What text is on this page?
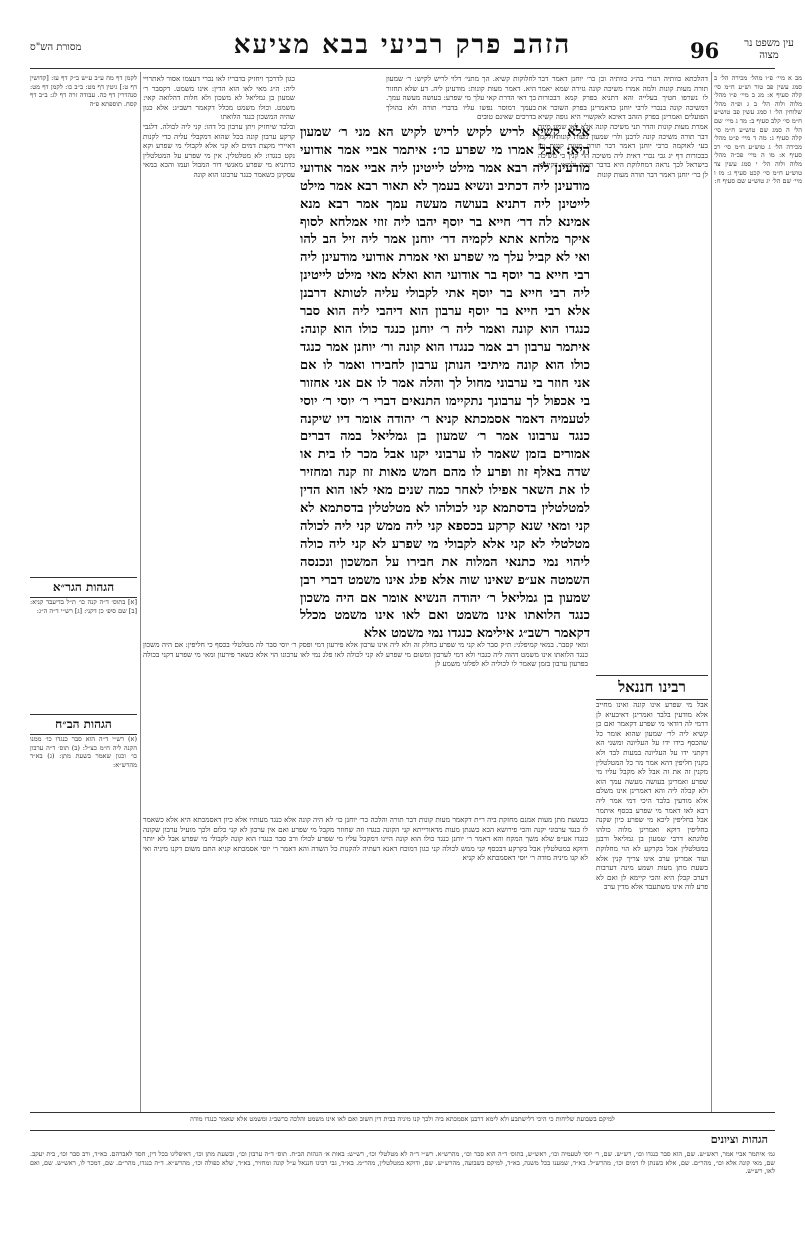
96
הזהב פרק רביעי בבא מציעא	עין משפט נר מצוה
מסורת הש"ס

מב א מיי׳ פ״ו מהל׳ מכירה הל׳ ב סמג עשין פב טור וש״ע ח״מ סי׳ קלה סעיף א: מג ב מיי׳ פ״ו מהל׳ מלוה ולוה הל׳ ב ג ופ״ה מהל׳ שלוחין הל׳ ו סמג עשין פב טוש״ע ח״מ סי׳ קלב סעיף ב: מד ג מיי׳ שם הל׳ ה סמג שם טוש״ע ח״מ סי׳ קלה סעיף ג: מה ד מיי׳ פ״ט מהל׳ מכירה הל׳ ג טוש״ע ח״מ סי׳ רכ סעיף א: מו ה מיי׳ פכ״ה מהל׳ מלוה ולוה הל׳ י סמג עשין צד טוש״ע ח״מ סי׳ קכט סעיף ג: מז ו מיי׳ שם הל׳ יג טוש״ע שם סעיף ח:

דהלכתא כוותיה דגזרי בה״ג כוותיה וכן כר׳ יוחנן דאמר דבר תורה מעות קונות ולמה אמרו משיכה קונה גזירה שמא יאמר לו נשרפו חטיך בעלייה והא דתניא בפרק קמא דבכורות דמשיכה קונה בנכרי לרבי יוחנן כדאמרינן בפרק השוכר את הפועלים ואמרינן בפרק הזהב דאיכא לאקשויי היא גופה קשיא אמרת מעות קונות והדר תני משיכה קונה אלא לאו שמע מינה דבר תורה משיכה קונה לרבנן ולר׳ שמעון מעות קונות ולקמן בעי לאוקמה כרבי יוחנן דאמר דבר תורה מעות קונות וכן בבכורות דף יג גבי נכרי דאית ליה משיכה הוי קנין כי משיכה בישראל לכך נראה דמחלוקת היא בדבר תורה ולמאי דקיימא לן כר׳ יוחנן דאמר דבר תורה מעות קונות

רבינו חננאל

אבל מי שפרע אינו קונה ואינו מחייב אלא מודעין בלבד ואמרינן דאיבעיא לן דדמי לה דודאי מי שפרע דקאמר ואם כן קשיא ליה לר׳ שמעון שהוא אומר כל שהכסף בידו ידו על העליונה ומשני הא דקתני ידו על העליונה במעות לבד ולא בקנין חליפין דהא אמר מר כל המטלטלין מקנין זה את זה אבל לא מקבל עליו מי שפרע ואמרינן בעושה מעשה עמך הוא ולא קבלה ליה והא דאמרינן אינו משלם אלא מודעין בלבד היכי דמי אמר ליה רבא לאו דאמר מי שפרע בכסף איתמר אבל בחליפין ליכא מי שפרע כיון שקנה בחליפין דוקא ואמרינן מלוה כולהו פלוגתא דרבי שמעון בן גמליאל ורבנן במטלטלין אבל בקרקע לא הוי מחלוקת ועוד אמרינן ערב אינו צריך קנין אלא בשעת מתן מעות ושמע מינה דערבות דערב קבלן היא והכי קיימא לן ואם לא פרע לוה אינו משתעבד אלא מדין ערב

לחלוקות קשיא. הך מתני׳ דלוי לריש לקיש: ר׳ שמעון היא. דאמר מעות קונות: מודעינן ליה. דע שלא תחזור בך דאי הדרת קאי עלך מי שפרע: בעושה מעשה עמך. בעמך דמוסר נפשו עליו בדברי תורה ולא בהולך בדרכים שאינם טובים

אלא קשיא לריש לקיש לריש לקיש הא מני ר׳ שמעון היא: אבל אמרו מי שפרע כו׳: איתמר אביי אמר אודועי מודעינן ליה רבא אמר מילט לייטינן ליה אביי אמר אודועי מודעינן ליה דכתיב ונשיא בעמך לא תאור רבא אמר מילט לייטינן ליה דתניא בעושה מעשה עמך אמר רבא מנא אמינא לה דר׳ חייא בר יוסף יהבו ליה זוזי אמלחא לסוף איקר מלחא אתא לקמיה דר׳ יוחנן אמר ליה זיל הב להו ואי לא קביל עלך מי שפרע ואי אמרת אודועי מודעינן ליה רבי חייא בר יוסף בר אודועי הוא ואלא מאי מילט לייטינן ליה רבי חייא בר יוסף אתי לקבולי עליה לטותא דרבנן אלא רבי חייא בר יוסף ערבון הוא דיהבי ליה הוא סבר כנגדו הוא קונה ואמר ליה ר׳ יוחנן כנגד כולו הוא קונה: איתמר ערבון רב אמר כנגדו הוא קונה ור׳ יוחנן אמר כנגד כולו הוא קונה מיתיבי הנותן ערבון לחבירו ואמר לו אם אני חוזר בי ערבוני מחול לך והלה אמר לו אם אני אחזור בי אכפול לך ערבונך נתקיימו התנאים דברי ר׳ יוסי ר׳ יוסי לטעמיה דאמר אסמכתא קניא ר׳ יהודה אומר דיו שיקנה כנגד ערבונו אמר ר׳ שמעון בן גמליאל במה דברים אמורים בזמן שאמר לו ערבוני יקנו אבל מכר לו בית או שדה באלף זוז ופרע לו מהם חמש מאות זוז קנה ומחזיר לו את השאר אפילו לאחר כמה שנים מאי לאו הוא הדין למטלטלין בדסתמא קני לכולהו לא מטלטלין בדסתמא לא קני ומאי שנא קרקע בכספא קני ליה ממש קני ליה לכולה מטלטלי לא קני אלא לקבולי מי שפרע לא קני ליה כולה ליהוי נמי כתנאי המלוה את חבירו על המשכון ונכנסה השמטה אע״פ שאינו שוה אלא פלג אינו משמט דברי רבן שמעון בן גמליאל ר׳ יהודה הנשיא אומר אם היה משכון כנגד הלואתו אינו משמט ואם לאו אינו משמט מכלל דקאמר רשב״ג אילימא כנגדו נמי משמט אלא

כגון לדרכך ויחזיק בדבריו לאו נכרי דעצמו אסור לאתרויי ליה: ה״ג מאי לאו הוא הדין: אינו משמט. דקסבר ר׳ שמעון בן גמליאל לא משכון ולא חלות דהלואה קאי: משמט. וכולו משמט מכלל דקאמר רשב״ג: אלא כגון שהיה המשכון כנגד הלואתו

ובלבד שיחזיק ויתן ערבון כל דהו: קני ליה לכולה. דלגבי קרקע ערבון קונה בכל שהוא דמקבלי עליה כדי לקנות דאיירי מקצת דמים לא קני אלא לקבולי מי שפרע וקא נקט כנגדו: לא מטלטלין. אין מי שפרע על המטלטלין כדתניא מי שפרע מאנשי דור המבול ועמו והכא במאי עסקינן כשאמר כנגד ערבונו הוא קונה

ומאי קסבר. במאי קמיפלגי: ת״ק סבר לא קני מי שפרע בחלק זה ולא ליה אינו ערבון אלא פירעון דמי ופסק ר׳ יוסי סבר לה מטלטלי בכסף כי חליפין: אם היה משכון כנגד הלואתו אינו משמט דהוה ליה כגבוי ולא דמי לערבון ומשום מי שפרע לא קני לכולה לאו פלג נמי לאו ערבונו הוי אלא כשאר פירעון ומאי מי שפרע דקני בכולה בפרעון ערבון בזמן שאמר לו לכוליה לא לפלוגי משמע לן

לקמן דף מח ע״ב ע״ש ב״ק דף עז: [קדושין דף ט:] גיטין דף מט: ב״ב כו: לקמן דף מט: סנהדרין דף כה. עבודה זרה דף לג: ב״ב דף קסח. תוספתא פ״ה

הגהות הגר״א

[א] בתוס׳ ד״ה קנה כו׳ ת״ל בדיעבד קניא: [ב] שם סיפ׳ כן דקני: [ג] רש״י ד״ה ה״ג:

הגהות הב״ח

(א) רש״י ד״ה הוא סבר כנגדו כו׳ ממנו הקנה ליה ח״מ כצ״ל: (ב) תוס׳ ד״ה ערבון כו׳ וכגון שאמר בשעת מתן: (ג) בא״ד מהרש״א:

כבשעת מתן מעות אמנם מחזקת ביה ר״ת דקאמר מעות קונות דבר תורה והלכה כר׳ יוחנן כו׳ לא היה קונה אלא כנגד מעותיו אלא כיון דאסמכתא היא אלא כשאמר לו כנגד ערבוני יקנה והכי פירושא הכא כשנתן מעות מדאורייתא קני הקונה כנגדו וזה שחוזר מקבל מי שפרע ואם אין ערבון לא קני כלום ולכך מועיל ערבון שקונה כנגדו אע״פ שלא משך המקח והא דאמר ר׳ יוחנן כנגד כולו הוא קונה היינו דמקבל עליו מי שפרע לכולו ורב סבר כנגדו הוא קונה לקבולי מי שפרע אבל לא יותר ודוקא במטלטלין אבל בקרקע דבכסף קני ממש לכולה קני כגון דמוכח דאנא דעתיה להקנות כל השדה והא דאמר ר׳ יוסי אסמכתא קניא התם משום דקנו מיניה ואי לא קנו מיניה מודה ר׳ יוסי דאסמכתא לא קניא

למיקם בשבועת שליחות כי היכי דלישתבע ולא לימא דרבנן אסמכתא ביה ולכך קנו מיניה בבית דין חשוב ואם לאו אינו משמט והלכה כרשב״ג ומשמט אלא שאמר כנגדו מודה
הגהות וציונים

גמ׳ איתמר אביי אמר, ראש״ש. שם, הוא סבר כנגדו וכו׳, רש״ש. שם, ר׳ יוסי לטעמיה וכו׳, ראש״ש, בתוס׳ ד״ה הוא סבר וכו׳, מהרש״א. רש״י ד״ה לא מטלטלי וכו׳, רש״ש: באות א׳ הגהות הב״ח. תוס׳ ד״ה ערבון וכו׳, ובשעת מתן וכו׳, דאיפליגו בכל דין, חסד לאברהם. בא״ד, ורב סבר וכו׳, בית יעקב. שם, מאי קונה אלא וכו׳, מהר״ם. שם, אלא כשנתן לו דמים וכו׳, מהרש״ל. בא״ד, שמענו בכל משנה, בא״ד, למיקם בשבועה, מהרש״ש. שם, ודוקא במטלטלין, מהר״מ. בא״ד, גבי רבינו חננאל ע״ל קונה ומחזיר, בא״ד, שלא כפולה וכו׳, מהרש״א. ד״ה כנגדו, מהר״ם. שם, דמכר לו, ראש״ש. שם, ואם לאו, רש״ש.
